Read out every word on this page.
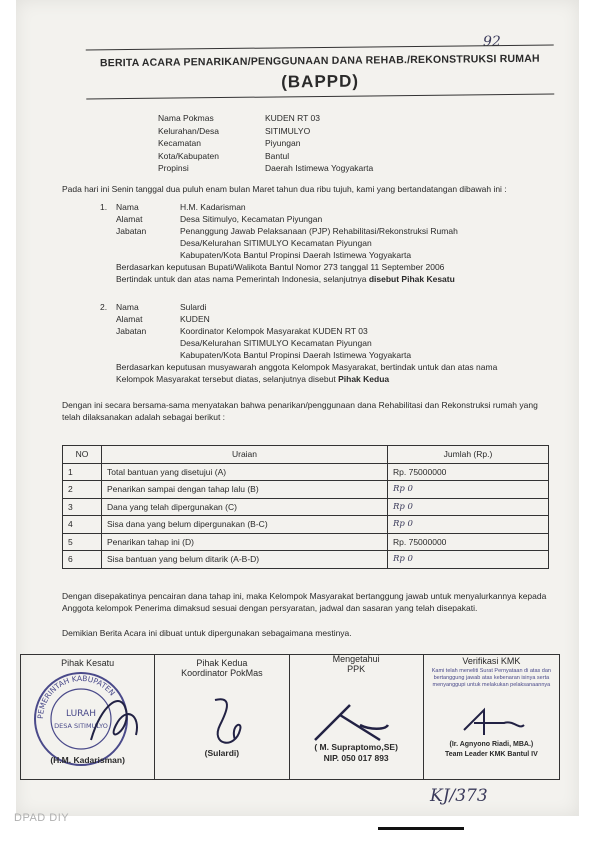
92
BERITA ACARA PENARIKAN/PENGGUNAAN DANA REHAB./REKONSTRUKSI RUMAH
(BAPPD)
Nama Pokmas	KUDEN RT 03
Kelurahan/Desa	SITIMULYO
Kecamatan	Piyungan
Kota/Kabupaten	Bantul
Propinsi	Daerah Istimewa Yogyakarta

Pada hari ini Senin tanggal dua puluh enam bulan Maret tahun dua ribu tujuh, kami yang bertandatangan dibawah ini :

1.	Nama	H.M. Kadarisman
Alamat	Desa Sitimulyo, Kecamatan Piyungan
Jabatan	Penanggung Jawab Pelaksanaan (PJP) Rehabilitasi/Rekonstruksi Rumah
Desa/Kelurahan SITIMULYO Kecamatan Piyungan
Kabupaten/Kota Bantul Propinsi Daerah Istimewa Yogyakarta
Berdasarkan keputusan Bupati/Walikota Bantul Nomor 273 tanggal 11 September 2006
Bertindak untuk dan atas nama Pemerintah Indonesia, selanjutnya disebut Pihak Kesatu
2.	Nama	Sulardi
Alamat	KUDEN
Jabatan	Koordinator Kelompok Masyarakat KUDEN RT 03
Desa/Kelurahan SITIMULYO Kecamatan Piyungan
Kabupaten/Kota Bantul Propinsi Daerah Istimewa Yogyakarta
Berdasarkan keputusan musyawarah anggota Kelompok Masyarakat, bertindak untuk dan atas nama
Kelompok Masyarakat tersebut diatas, selanjutnya disebut Pihak Kedua

Dengan ini secara bersama-sama menyatakan bahwa penarikan/penggunaan dana Rehabilitasi dan Rekonstruksi rumah yang telah dilaksanakan adalah sebagai berikut :

NO	Uraian	Jumlah (Rp.)
1	Total bantuan yang disetujui (A)	Rp. 75000000
2	Penarikan sampai dengan tahap lalu (B)	Rp 0
3	Dana yang telah dipergunakan (C)	Rp 0
4	Sisa dana yang belum dipergunakan (B-C)	Rp 0
5	Penarikan tahap ini (D)	Rp. 75000000
6	Sisa bantuan yang belum ditarik (A-B-D)	Rp 0

Dengan disepakatinya pencairan dana tahap ini, maka Kelompok Masyarakat bertanggung jawab untuk menyalurkannya kepada Anggota kelompok Penerima dimaksud sesuai dengan persyaratan, jadwal dan sasaran yang telah disepakati.

Demikian Berita Acara ini dibuat untuk dipergunakan sebagaimana mestinya.

Pihak Kesatu
PEMERINTAH KABUPATEN
LURAH
DESA SITIMULYO
(H.M. Kadarisman)
Pihak Kedua
Koordinator PokMas
(Sulardi)
Mengetahui
PPK
( M. Supraptomo,SE)
NIP. 050 017 893
Verifikasi KMK
Kami telah meneliti Surat Pernyataan di atas dan bertanggung jawab atas kebenaran isinya serta menyanggupi untuk melakukan pelaksanaannya
(Ir. Agnyono Riadi, MBA.)
Team Leader KMK Bantul IV
KJ/373
DPAD DIY
